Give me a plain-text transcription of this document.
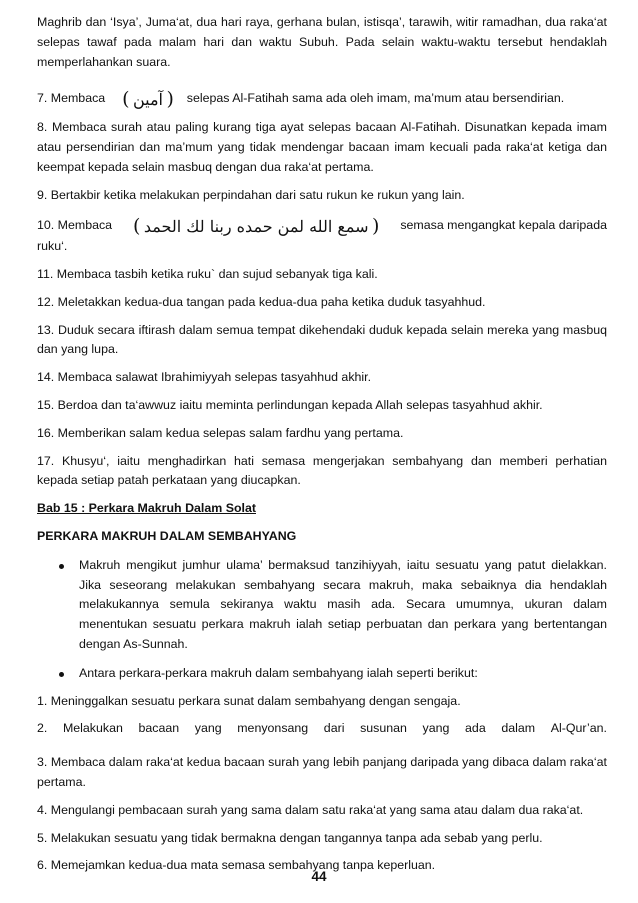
Maghrib dan ‘Isya’, Juma‘at, dua hari raya, gerhana bulan, istisqa’, tarawih, witir ramadhan, dua raka‘at selepas tawaf pada malam hari dan waktu Subuh. Pada selain waktu-waktu tersebut hendaklah memperlahankan suara.

7. Membaca ( آمين ) selepas Al-Fatihah sama ada oleh imam, ma’mum atau bersendirian.

8. Membaca surah atau paling kurang tiga ayat selepas bacaan Al-Fatihah. Disunatkan kepada imam atau persendirian dan ma’mum yang tidak mendengar bacaan imam kecuali pada raka‘at ketiga dan keempat kepada selain masbuq dengan dua raka‘at pertama.

9. Bertakbir ketika melakukan perpindahan dari satu rukun ke rukun yang lain.

10. Membaca ( سمع الله لمن حمده ربنا لك الحمد ) semasa mengangkat kepala daripada

ruku‘.

11. Membaca tasbih ketika ruku` dan sujud sebanyak tiga kali.

12. Meletakkan kedua-dua tangan pada kedua-dua paha ketika duduk tasyahhud.

13. Duduk secara iftirash dalam semua tempat dikehendaki duduk kepada selain mereka yang masbuq dan yang lupa.

14. Membaca salawat Ibrahimiyyah selepas tasyahhud akhir.

15. Berdoa dan ta‘awwuz iaitu meminta perlindungan kepada Allah selepas tasyahhud akhir.

16. Memberikan salam kedua selepas salam fardhu yang pertama.

17. Khusyu‘, iaitu menghadirkan hati semasa mengerjakan sembahyang dan memberi perhatian kepada setiap patah perkataan yang diucapkan.

Bab 15 : Perkara Makruh Dalam Solat

PERKARA MAKRUH DALAM SEMBAHYANG

Makruh mengikut jumhur ulama’ bermaksud tanzihiyyah, iaitu sesuatu yang patut dielakkan. Jika seseorang melakukan sembahyang secara makruh, maka sebaiknya dia hendaklah melakukannya semula sekiranya waktu masih ada. Secara umumnya, ukuran dalam menentukan sesuatu perkara makruh ialah setiap perbuatan dan perkara yang bertentangan dengan As-Sunnah.
Antara perkara-perkara makruh dalam sembahyang ialah seperti berikut:

1. Meninggalkan sesuatu perkara sunat dalam sembahyang dengan sengaja.

2. Melakukan bacaan yang menyonsang dari susunan yang ada dalam Al-Qur’an.

3. Membaca dalam raka‘at kedua bacaan surah yang lebih panjang daripada yang dibaca dalam raka‘at pertama.

4. Mengulangi pembacaan surah yang sama dalam satu raka‘at yang sama atau dalam dua raka‘at.

5. Melakukan sesuatu yang tidak bermakna dengan tangannya tanpa ada sebab yang perlu.

6. Memejamkan kedua-dua mata semasa sembahyang tanpa keperluan.

44
